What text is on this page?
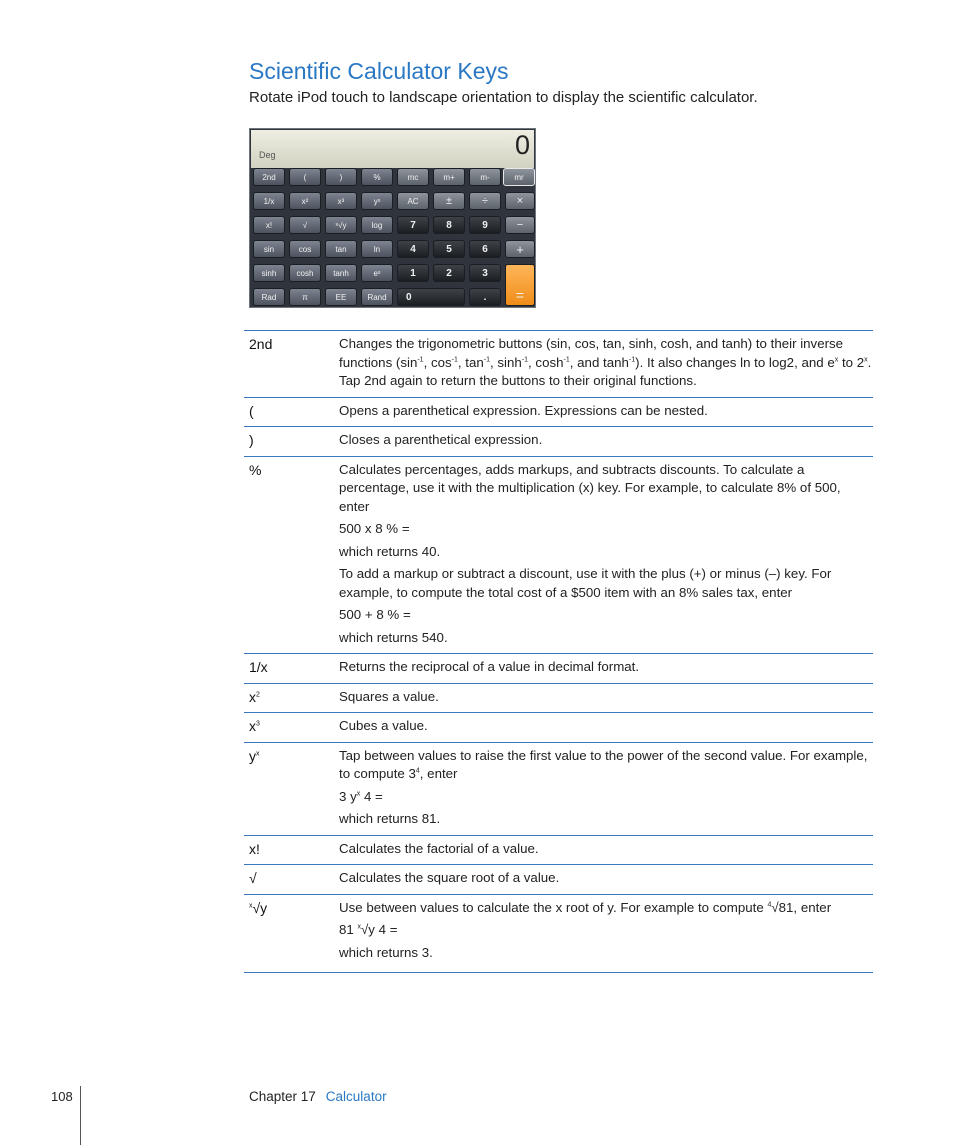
Scientific Calculator Keys

Rotate iPod touch to landscape orientation to display the scientific calculator.

Deg	0
2nd	(	)	%	mc	m+	m-	mr
1/x	x²	x³	yˣ	AC	±	÷	×
x!	√	ˣ√y	log	7	8	9	−
sin	cos	tan	ln	4	5	6	+
sinh	cosh	tanh	eˣ	1	2	3
=
Rad	π	EE	Rand	0	.
2nd	Changes the trigonometric buttons (sin, cos, tan, sinh, cosh, and tanh) to their inverse functions ($\sin^{-1}$, $\cos^{-1}$, $\tan^{-1}$, $\sinh^{-1}$, $\cosh^{-1}$, and $\tanh^{-1}$). It also changes ln to log2, and $e^x$ to 2$^x$. Tap 2nd again to return the buttons to their original functions.
(	Opens a parenthetical expression. Expressions can be nested.
)	Closes a parenthetical expression.
%	Calculates percentages, adds markups, and subtracts discounts. To calculate a percentage, use it with the multiplication (x) key. For example, to calculate 8% of 500, enter

500 x 8 % =

which returns 40.

To add a markup or subtract a discount, use it with the plus (+) or minus (–) key. For example, to compute the total cost of a $500 item with an 8% sales tax, enter

500 + 8 % =

which returns 540.

1/x	Returns the reciprocal of a value in decimal format.
$x^2$	Squares a value.
$x^3$	Cubes a value.
$y^x$	Tap between values to raise the first value to the power of the second value. For example, to compute $3^4$, enter

3 $y^x$ 4 =

which returns 81.

x!	Calculates the factorial of a value.
√	Calculates the square root of a value.
$^x$√y	Use between values to calculate the x root of y. For example to compute $^4$√81, enter

81 $^x$√y 4 =

which returns 3.

108	Chapter 17 Calculator
